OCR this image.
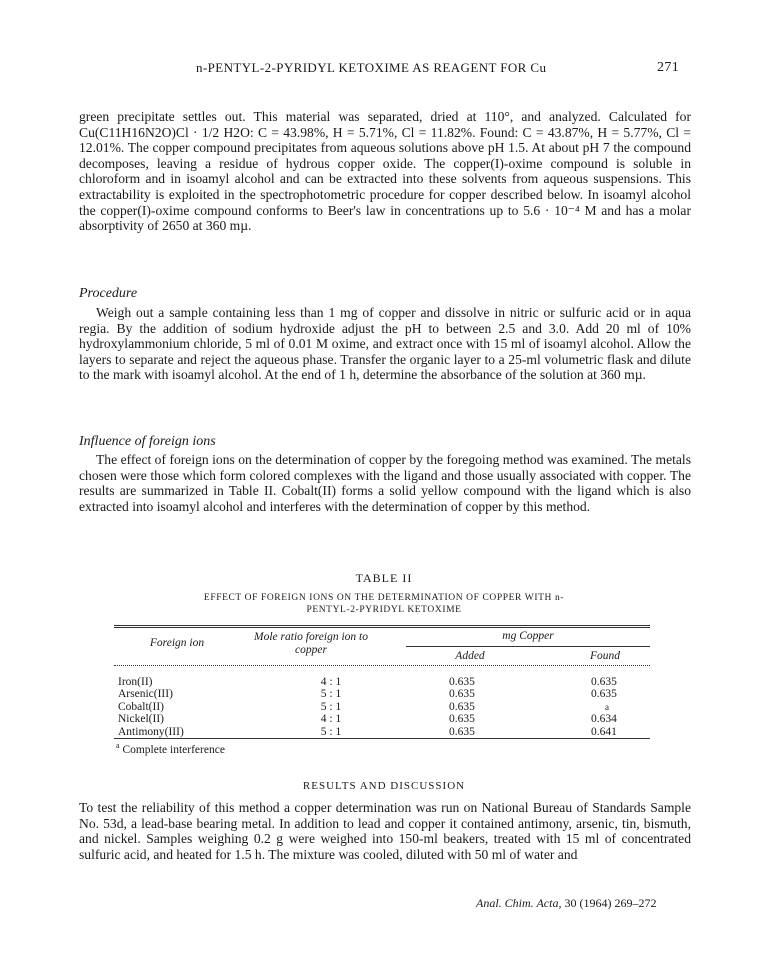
n-PENTYL-2-PYRIDYL KETOXIME AS REAGENT FOR Cu	271
green precipitate settles out. This material was separated, dried at 110°, and analyzed. Calculated for Cu(C11H16N2O)Cl · 1/2 H2O: C = 43.98%, H = 5.71%, Cl = 11.82%. Found: C = 43.87%, H = 5.77%, Cl = 12.01%. The copper compound precipitates from aqueous solutions above pH 1.5. At about pH 7 the compound decomposes, leaving a residue of hydrous copper oxide. The copper(I)-oxime compound is soluble in chloroform and in isoamyl alcohol and can be extracted into these solvents from aqueous suspensions. This extractability is exploited in the spectrophotometric procedure for copper described below. In isoamyl alcohol the copper(I)-oxime compound conforms to Beer's law in concentrations up to 5.6 · 10⁻⁴ M and has a molar absorptivity of 2650 at 360 mµ.
Procedure
Weigh out a sample containing less than 1 mg of copper and dissolve in nitric or sulfuric acid or in aqua regia. By the addition of sodium hydroxide adjust the pH to between 2.5 and 3.0. Add 20 ml of 10% hydroxylammonium chloride, 5 ml of 0.01 M oxime, and extract once with 15 ml of isoamyl alcohol. Allow the layers to separate and reject the aqueous phase. Transfer the organic layer to a 25-ml volumetric flask and dilute to the mark with isoamyl alcohol. At the end of 1 h, determine the absorbance of the solution at 360 mµ.
Influence of foreign ions
The effect of foreign ions on the determination of copper by the foregoing method was examined. The metals chosen were those which form colored complexes with the ligand and those usually associated with copper. The results are summarized in Table II. Cobalt(II) forms a solid yellow compound with the ligand which is also extracted into isoamyl alcohol and interferes with the determination of copper by this method.
TABLE II
EFFECT OF FOREIGN IONS ON THE DETERMINATION OF COPPER WITH n-PENTYL-2-PYRIDYL KETOXIME
Foreign ion	Mole ratio foreign ion to copper
mg Copper
Added	Found
Iron(II)	4 : 1	0.635	0.635
Arsenic(III)	5 : 1	0.635	0.635
Cobalt(II)	5 : 1	0.635	a
Nickel(II)	4 : 1	0.635	0.634
Antimony(III)	5 : 1	0.635	0.641
$^a$ Complete interference
RESULTS AND DISCUSSION
To test the reliability of this method a copper determination was run on National Bureau of Standards Sample No. 53d, a lead-base bearing metal. In addition to lead and copper it contained antimony, arsenic, tin, bismuth, and nickel. Samples weighing 0.2 g were weighed into 150-ml beakers, treated with 15 ml of concentrated sulfuric acid, and heated for 1.5 h. The mixture was cooled, diluted with 50 ml of water and
Anal. Chim. Acta, 30 (1964) 269–272
